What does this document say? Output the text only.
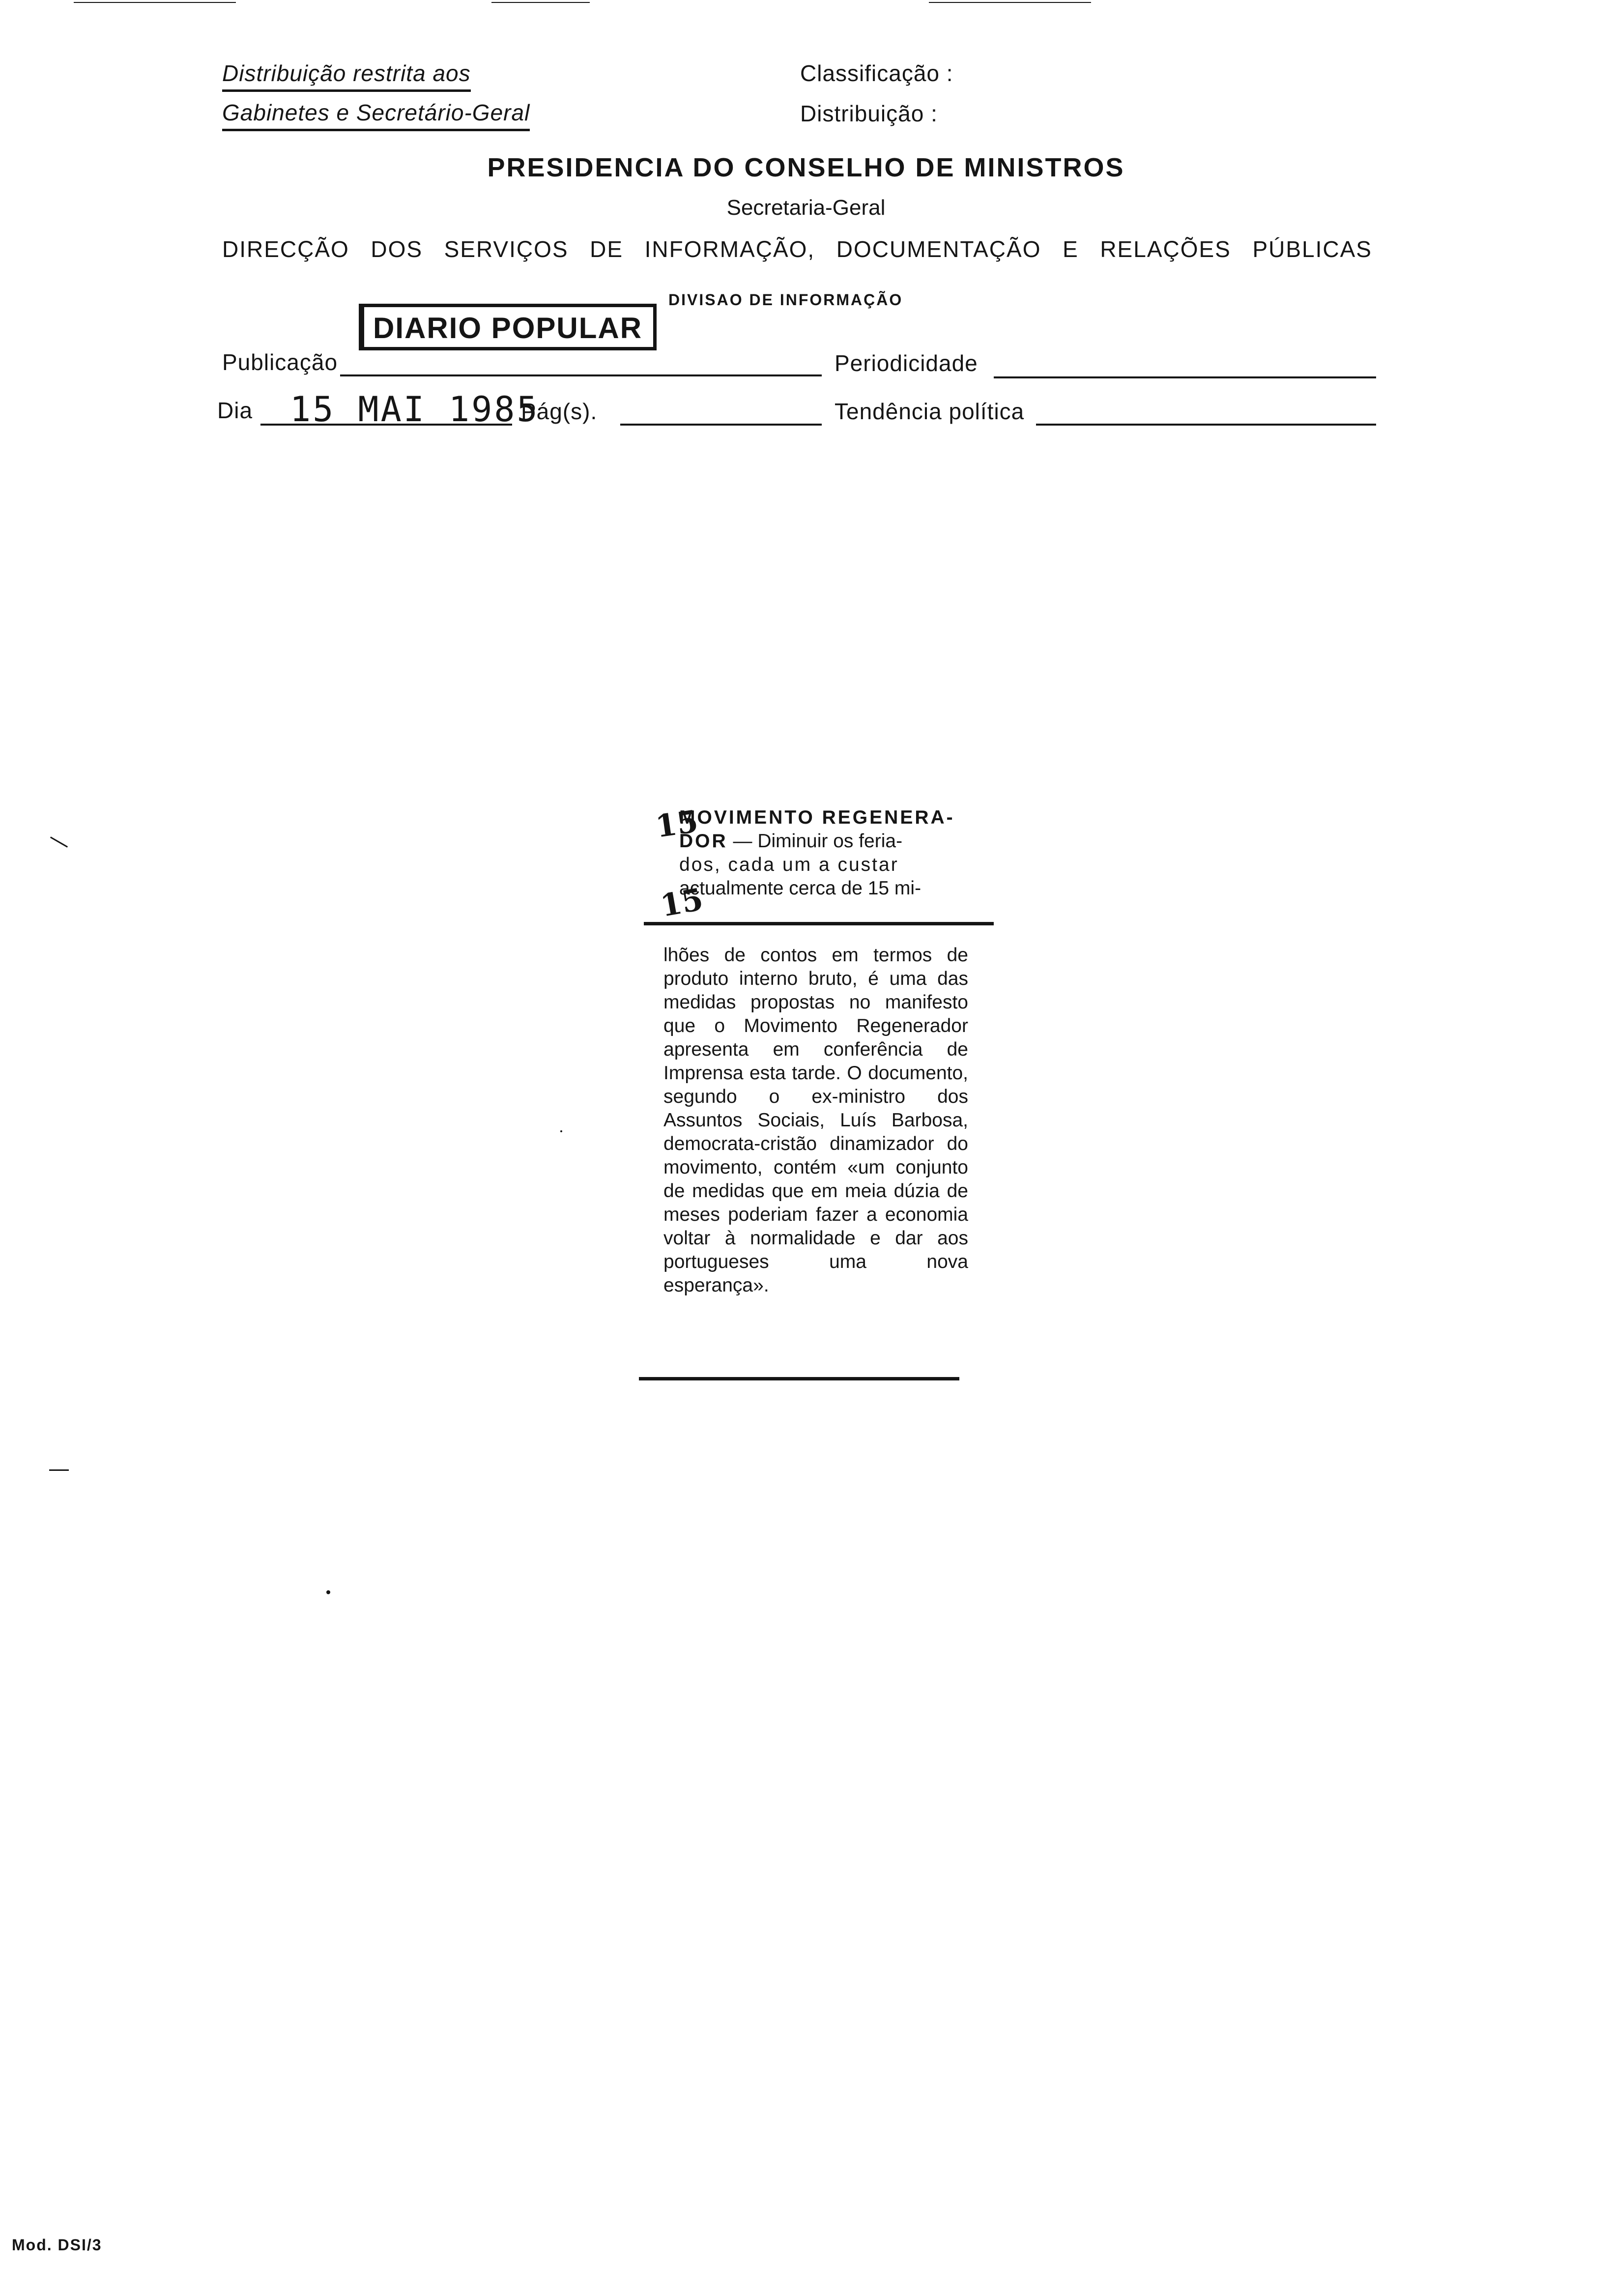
Distribuição restrita aos
Gabinetes e Secretário-Geral
Classificação :
Distribuição :
PRESIDENCIA DO CONSELHO DE MINISTROS
Secretaria-Geral
DIRECÇÃO DOS SERVIÇOS DE INFORMAÇÃO, DOCUMENTAÇÃO E RELAÇÕES PÚBLICAS
DIVISAO DE INFORMAÇÃO
Publicação
DIARIO POPULAR
Periodicidade
Dia 15 MAI 1985
Pág(s).	Tendência política
MOVIMENTO REGENERA-
DOR — Diminuir os feria-
dos, cada um a custar
actualmente cerca de 15 mi-
15
15
lhões de contos em termos de produto interno bruto, é uma das medidas propostas no manifesto que o Movimento Regenerador apresenta em conferência de Imprensa esta tarde. O documento, segundo o ex-ministro dos Assuntos Sociais, Luís Barbosa, democrata-cristão dinamizador do movimento, contém «um conjunto de medidas que em meia dúzia de meses poderiam fazer a economia voltar à normalidade e dar aos portugueses uma nova esperança».
Mod. DSI/3
